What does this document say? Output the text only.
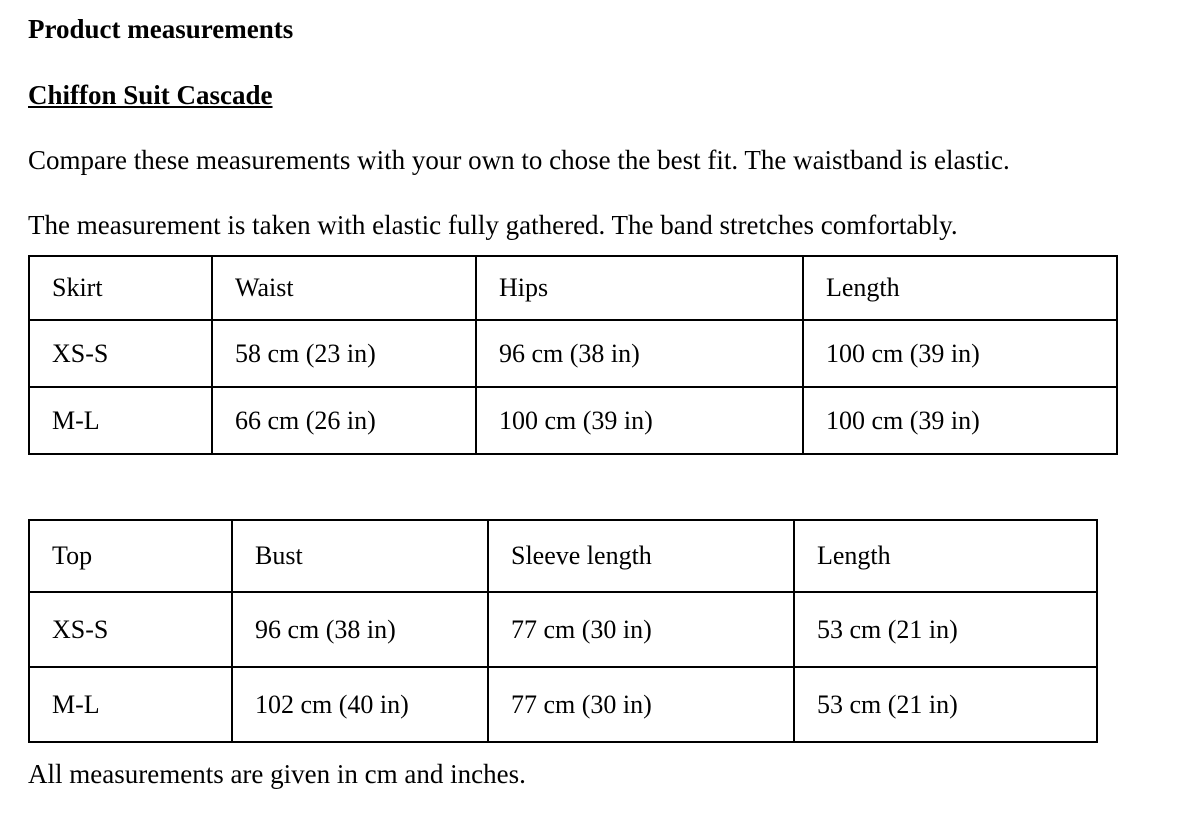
Product measurements
Chiffon Suit Cascade

Compare these measurements with your own to chose the best fit. The waistband is elastic.

The measurement is taken with elastic fully gathered. The band stretches comfortably.

Skirt	Waist	Hips	Length
XS-S	58 cm (23 in)	96 cm (38 in)	100 cm (39 in)
M-L	66 cm (26 in)	100 cm (39 in)	100 cm (39 in)
Top	Bust	Sleeve length	Length
XS-S	96 cm (38 in)	77 cm (30 in)	53 cm (21 in)
M-L	102 cm (40 in)	77 cm (30 in)	53 cm (21 in)

All measurements are given in cm and inches.
